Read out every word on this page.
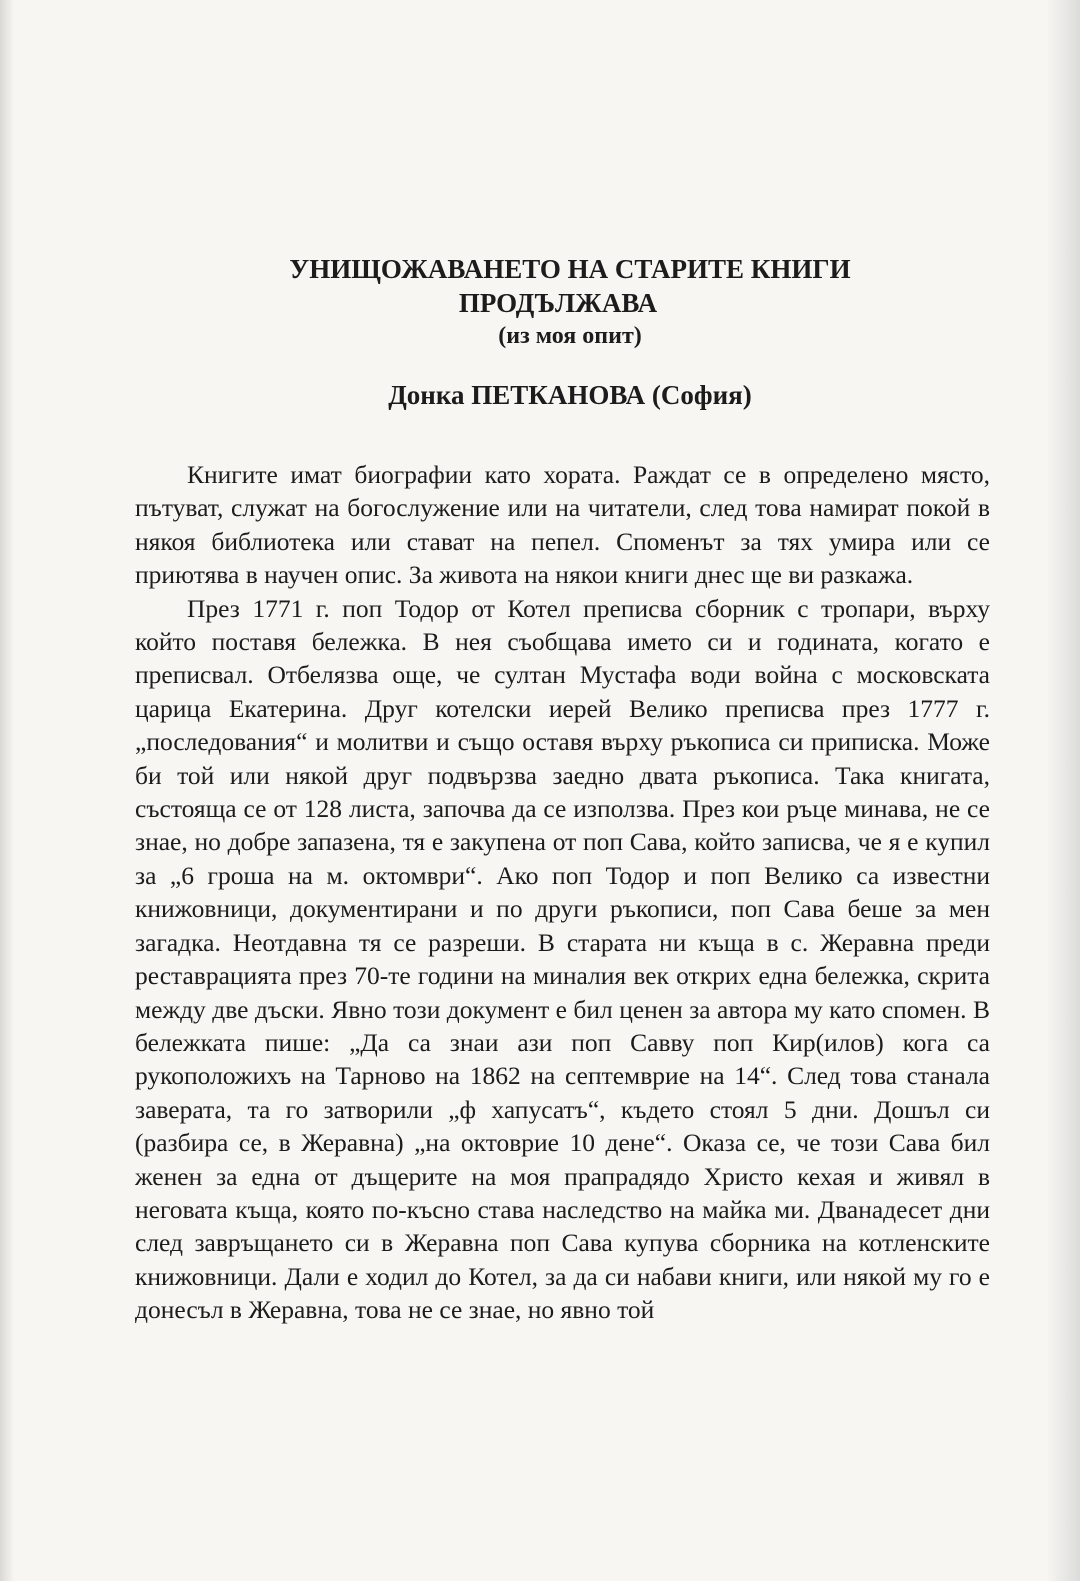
УНИЩОЖАВАНЕТО НА СТАРИТЕ КНИГИ

ПРОДЪЛЖАВА
(из моя опит)
Донка ПЕТКАНОВА (София)

Книгите имат биографии като хората. Раждат се в определено място, пътуват, служат на богослужение или на читатели, след това намират покой в някоя библиотека или стават на пепел. Споменът за тях умира или се приютява в научен опис. За живота на някои книги днес ще ви разкажа.

През 1771 г. поп Тодор от Котел преписва сборник с тропари, върху който поставя бележка. В нея съобщава името си и годината, когато е преписвал. Отбелязва още, че султан Мустафа води война с московската царица Екатерина. Друг котелски иерей Велико преписва през 1777 г. „последования“ и молитви и също оставя върху ръкописа си приписка. Може би той или някой друг подвързва заедно двата ръкописа. Така книгата, състояща се от 128 листа, започва да се използва. През кои ръце минава, не се знае, но добре запазена, тя е закупена от поп Сава, който записва, че я е купил за „6 гроша на м. октомври“. Ако поп Тодор и поп Велико са известни книжовници, документирани и по други ръкописи, поп Сава беше за мен загадка. Неотдавна тя се разреши. В старата ни къща в с. Жеравна преди реставрацията през 70-те години на миналия век открих една бележка, скрита между две дъски. Явно този документ е бил ценен за автора му като спомен. В бележката пише: „Да са знаи ази поп Савву поп Кир(илов) кога са рукоположихъ на Тарново на 1862 на септемврие на 14“. След това станала заверата, та го затворили „ф хапусатъ“, където стоял 5 дни. Дошъл си (разбира се, в Жеравна) „на октоврие 10 дене“. Оказа се, че този Сава бил женен за една от дъщерите на моя прапрадядо Христо кехая и живял в неговата къща, която по-късно става наследство на майка ми. Дванадесет дни след завръщането си в Жеравна поп Сава купува сборника на котленските книжовници. Дали е ходил до Котел, за да си набави книги, или някой му го е донесъл в Жеравна, това не се знае, но явно той
